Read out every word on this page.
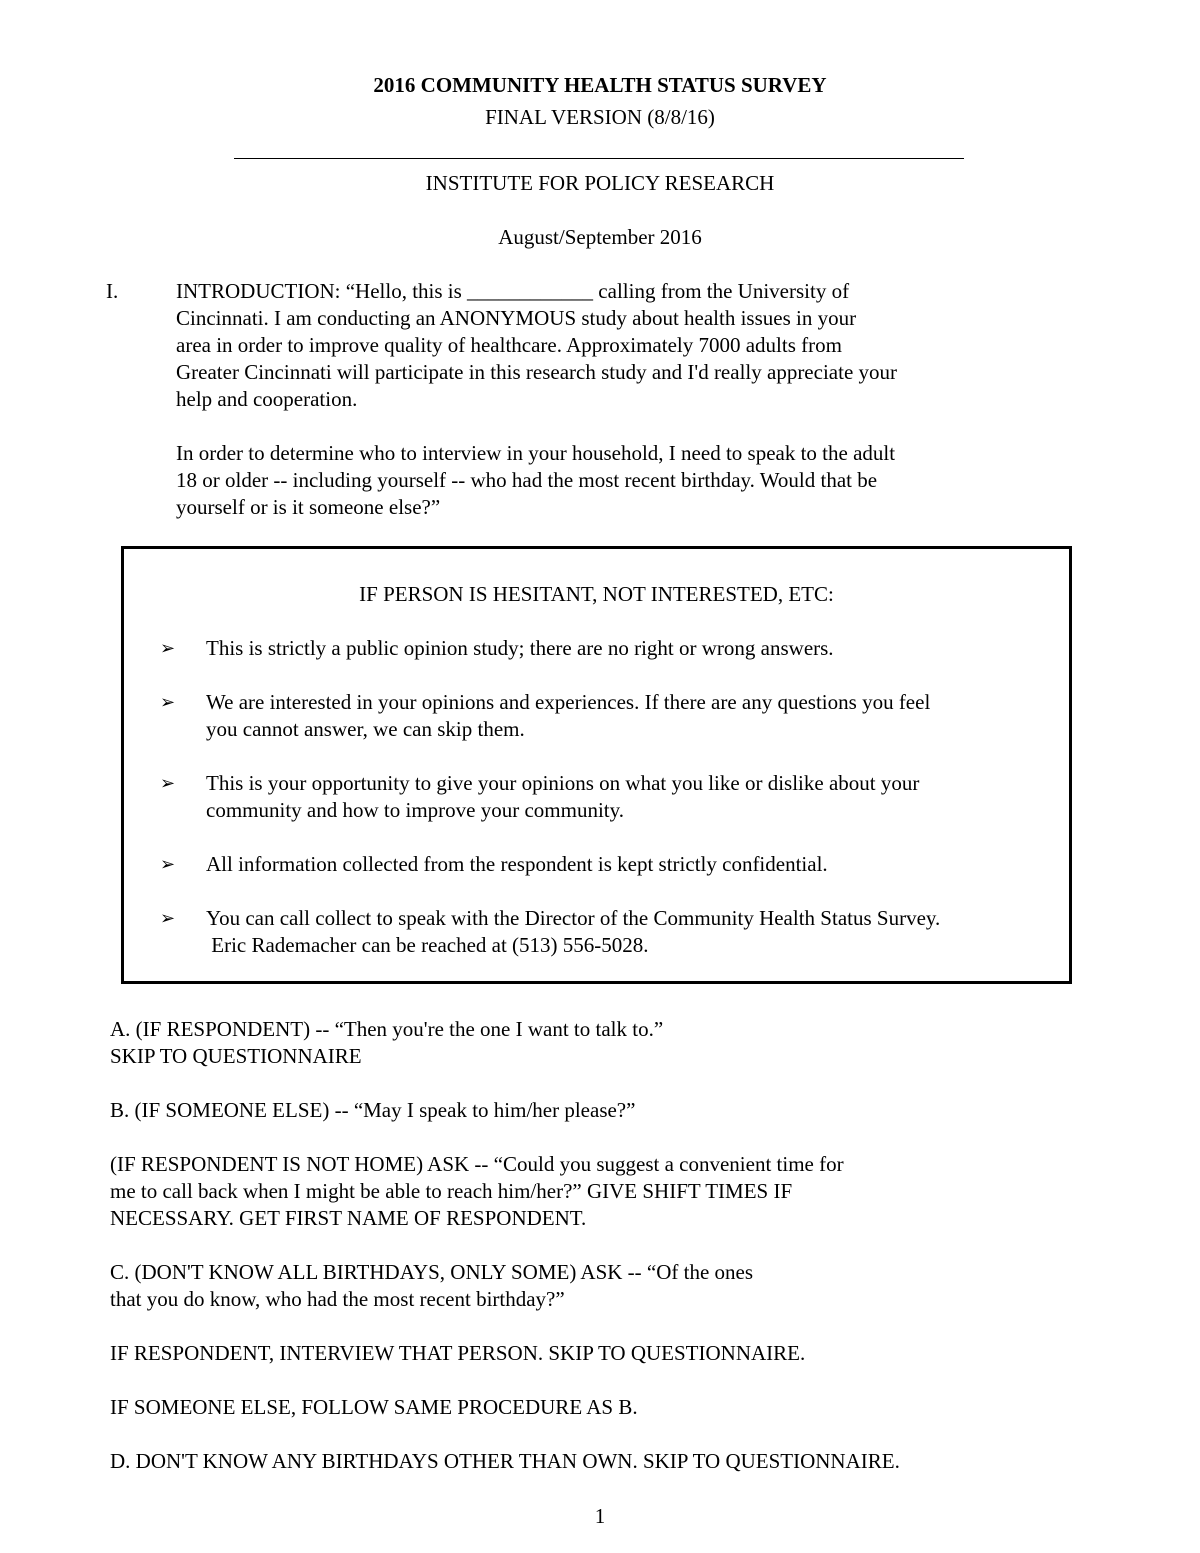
2016 COMMUNITY HEALTH STATUS SURVEY
FINAL VERSION (8/8/16)
INSTITUTE FOR POLICY RESEARCH
August/September 2016
I.	INTRODUCTION: “Hello, this is ____________ calling from the University of

Cincinnati. I am conducting an ANONYMOUS study about health issues in your

area in order to improve quality of healthcare. Approximately 7000 adults from

Greater Cincinnati will participate in this research study and I'd really appreciate your

help and cooperation.

In order to determine who to interview in your household, I need to speak to the adult

18 or older -- including yourself -- who had the most recent birthday. Would that be

yourself or is it someone else?”

IF PERSON IS HESITANT, NOT INTERESTED, ETC:
➢ This is strictly a public opinion study; there are no right or wrong answers.
➢ We are interested in your opinions and experiences. If there are any questions you feel
you cannot answer, we can skip them.
➢ This is your opportunity to give your opinions on what you like or dislike about your
community and how to improve your community.
➢ All information collected from the respondent is kept strictly confidential.
➢ You can call collect to speak with the Director of the Community Health Status Survey.
Eric Rademacher can be reached at (513) 556-5028.
A. (IF RESPONDENT) -- “Then you're the one I want to talk to.”
SKIP TO QUESTIONNAIRE
B. (IF SOMEONE ELSE) -- “May I speak to him/her please?”
(IF RESPONDENT IS NOT HOME) ASK -- “Could you suggest a convenient time for
me to call back when I might be able to reach him/her?” GIVE SHIFT TIMES IF
NECESSARY. GET FIRST NAME OF RESPONDENT.
C. (DON'T KNOW ALL BIRTHDAYS, ONLY SOME) ASK -- “Of the ones
that you do know, who had the most recent birthday?”
IF RESPONDENT, INTERVIEW THAT PERSON. SKIP TO QUESTIONNAIRE.
IF SOMEONE ELSE, FOLLOW SAME PROCEDURE AS B.
D. DON'T KNOW ANY BIRTHDAYS OTHER THAN OWN. SKIP TO QUESTIONNAIRE.
1
